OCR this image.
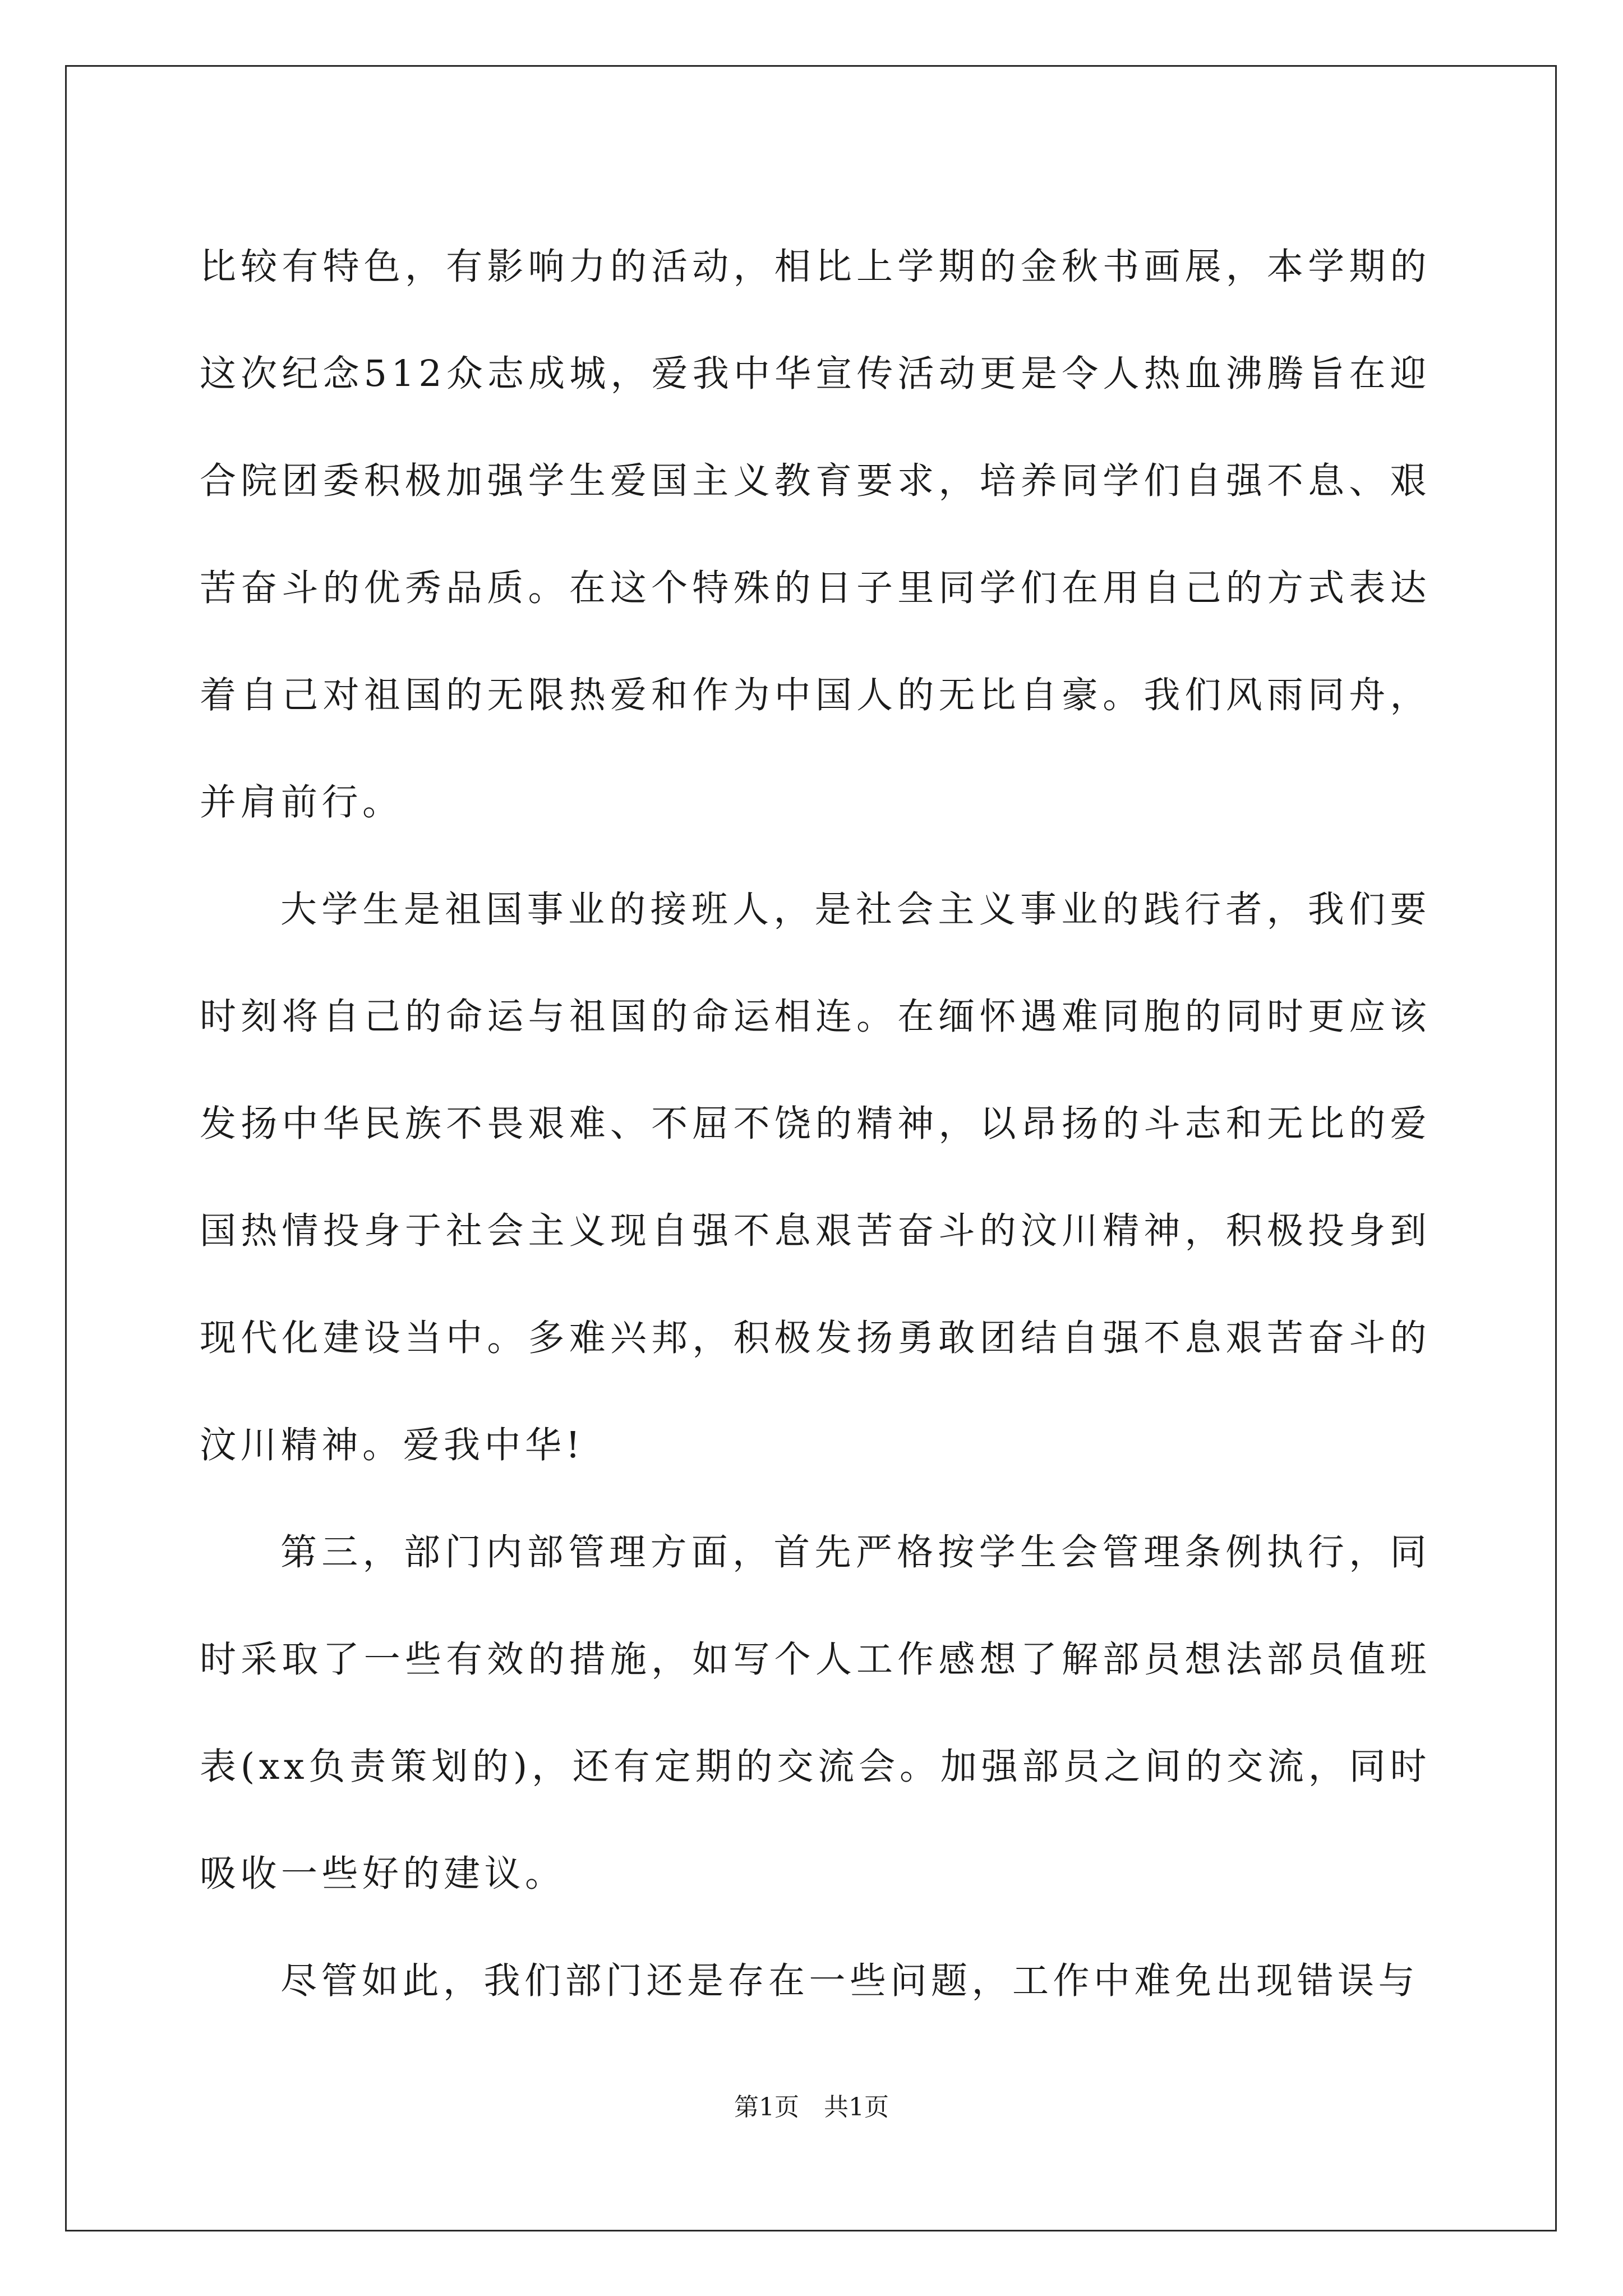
比较有特色，有影响力的活动，相比上学期的金秋书画展，本学期的这次纪念512众志成城，爱我中华宣传活动更是令人热血沸腾旨在迎合院团委积极加强学生爱国主义教育要求，培养同学们自强不息、艰苦奋斗的优秀品质。在这个特殊的日子里同学们在用自己的方式表达着自己对祖国的无限热爱和作为中国人的无比自豪。我们风雨同舟，并肩前行。

大学生是祖国事业的接班人，是社会主义事业的践行者，我们要时刻将自己的命运与祖国的命运相连。在缅怀遇难同胞的同时更应该发扬中华民族不畏艰难、不屈不饶的精神，以昂扬的斗志和无比的爱国热情投身于社会主义现自强不息艰苦奋斗的汶川精神，积极投身到现代化建设当中。多难兴邦，积极发扬勇敢团结自强不息艰苦奋斗的汶川精神。爱我中华!

第三，部门内部管理方面，首先严格按学生会管理条例执行，同时采取了一些有效的措施，如写个人工作感想了解部员想法部员值班表(xx负责策划的)，还有定期的交流会。加强部员之间的交流，同时吸收一些好的建议。

尽管如此，我们部门还是存在一些问题，工作中难免出现错误与

第1页　共1页
